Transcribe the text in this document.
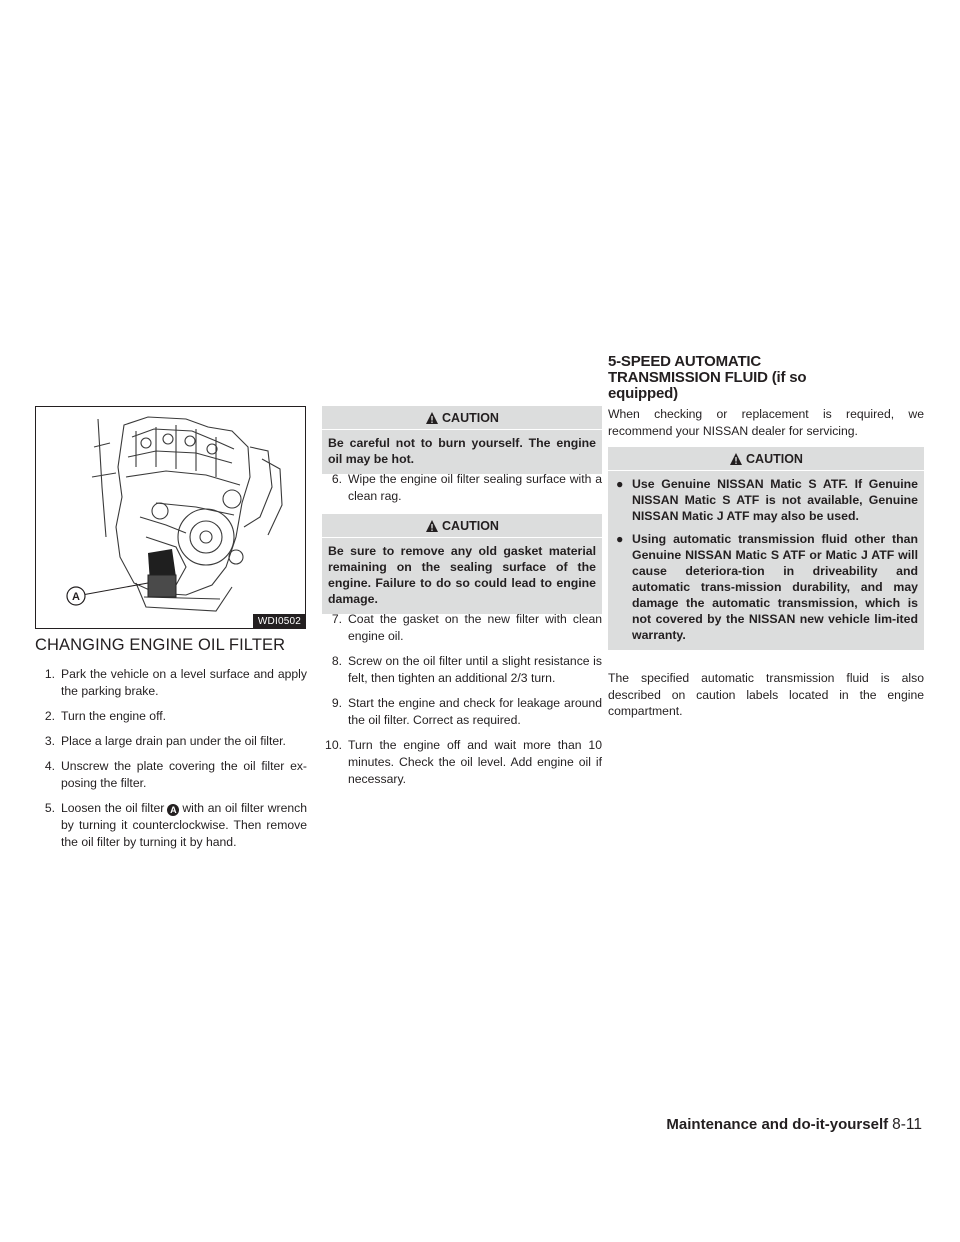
A
WDI0502
CHANGING ENGINE OIL FILTER
1. Park the vehicle on a level surface and apply the parking brake.
2. Turn the engine off.
3. Place a large drain pan under the oil filter.
4. Unscrew the plate covering the oil filter ex-posing the filter.
5. Loosen the oil filter A with an oil filter wrench by turning it counterclockwise. Then remove the oil filter by turning it by hand.
CAUTION
Be careful not to burn yourself. The engine oil may be hot.
6. Wipe the engine oil filter sealing surface with a clean rag.
CAUTION
Be sure to remove any old gasket material remaining on the sealing surface of the engine. Failure to do so could lead to engine damage.
7. Coat the gasket on the new filter with clean engine oil.
8. Screw on the oil filter until a slight resistance is felt, then tighten an additional 2/3 turn.
9. Start the engine and check for leakage around the oil filter. Correct as required.
10. Turn the engine off and wait more than 10 minutes. Check the oil level. Add engine oil if necessary.
5-SPEED AUTOMATIC
TRANSMISSION FLUID (if so
equipped)

When checking or replacement is required, we recommend your NISSAN dealer for servicing.

CAUTION
● Use Genuine NISSAN Matic S ATF. If Genuine NISSAN Matic S ATF is not available, Genuine NISSAN Matic J ATF may also be used.
● Using automatic transmission fluid other than Genuine NISSAN Matic S ATF or Matic J ATF will cause deteriora-tion in driveability and automatic trans-mission durability, and may damage the automatic transmission, which is not covered by the NISSAN new vehicle lim-ited warranty.

The specified automatic transmission fluid is also described on caution labels located in the engine compartment.

Maintenance and do-it-yourself 8-11
